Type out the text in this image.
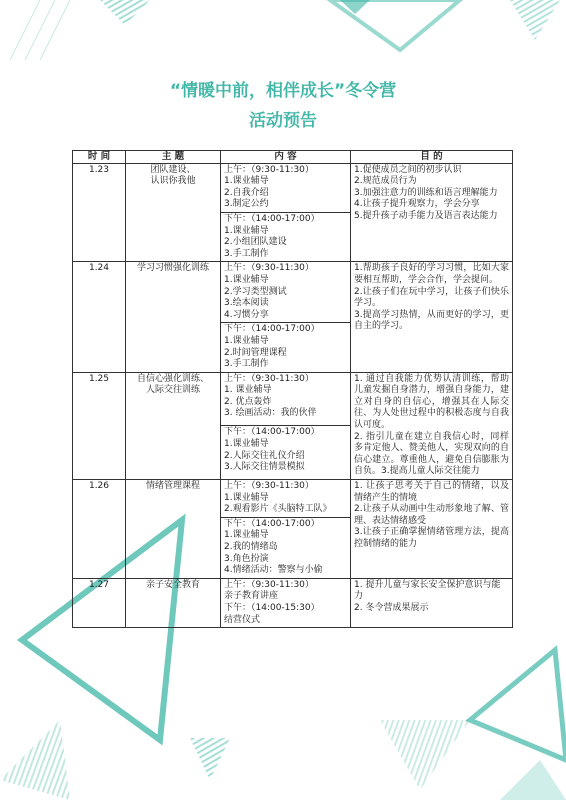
“情暖中前，相伴成长”冬令营
活动预告
时 间	主 题	内 容	目 的
1.23	团队建设、
认识你我他	上午：（9:30-11:30）
1.课业辅导
2.自我介绍
3.制定公约	1.促使成员之间的初步认识
2.规范成员行为
3.加强注意力的训练和语言理解能力
4.让孩子提升观察力，学会分享
5.提升孩子动手能力及语言表达能力

		下午：（14:00-17:00）
1.课业辅导
2.小组团队建设
3.手工制作	

1.24	学习习惯强化训练	上午：（9:30-11:30）
1.课业辅导
2.学习类型测试
3.绘本阅读
4.习惯分享	1.帮助孩子良好的学习习惯，比如大家要相互帮助，学会合作，学会提问。
2.让孩子们在玩中学习，让孩子们快乐学习。
3.提高学习热情，从而更好的学习，更自主的学习。

		下午：（14:00-17:00）
1.课业辅导
2.时间管理课程
3.手工制作	

1.25	自信心强化训练、
人际交往训练	上午：（9:30-11:30）
1. 课业辅导
2. 优点轰炸
3. 绘画活动：我的伙伴	1. 通过自我能力优势认清训练，帮助儿童发掘自身潜力，增强自身能力，建立对自身的自信心，增强其在人际交往、为人处世过程中的积极态度与自我认可度。
2. 指引儿童在建立自我信心时，同样多肯定他人、赞美他人，实现双向的自信心建立。尊重他人，避免自信膨胀为自负。3.提高儿童人际交往能力

		下午：（14:00-17:00）
1.课业辅导
2.人际交往礼仪介绍
3.人际交往情景模拟	

1.26	情绪管理课程	上午：（9:30-11:30）
1.课业辅导
2.观看影片《头脑特工队》	1. 让孩子思考关于自己的情绪，以及情绪产生的情境
2.让孩子从动画中生动形象地了解、管理、表达情绪感受
3.让孩子正确掌握情绪管理方法，提高控制情绪的能力

		下午：（14:00-17:00）
1.课业辅导
2.我的情绪岛
3.角色扮演
4.情绪活动：警察与小偷	

1.27	亲子安全教育	上午：（9:30-11:30）
亲子教育讲座
下午：（14:00-15:30）
结营仪式	1. 提升儿童与家长安全保护意识与能力
2. 冬令营成果展示
